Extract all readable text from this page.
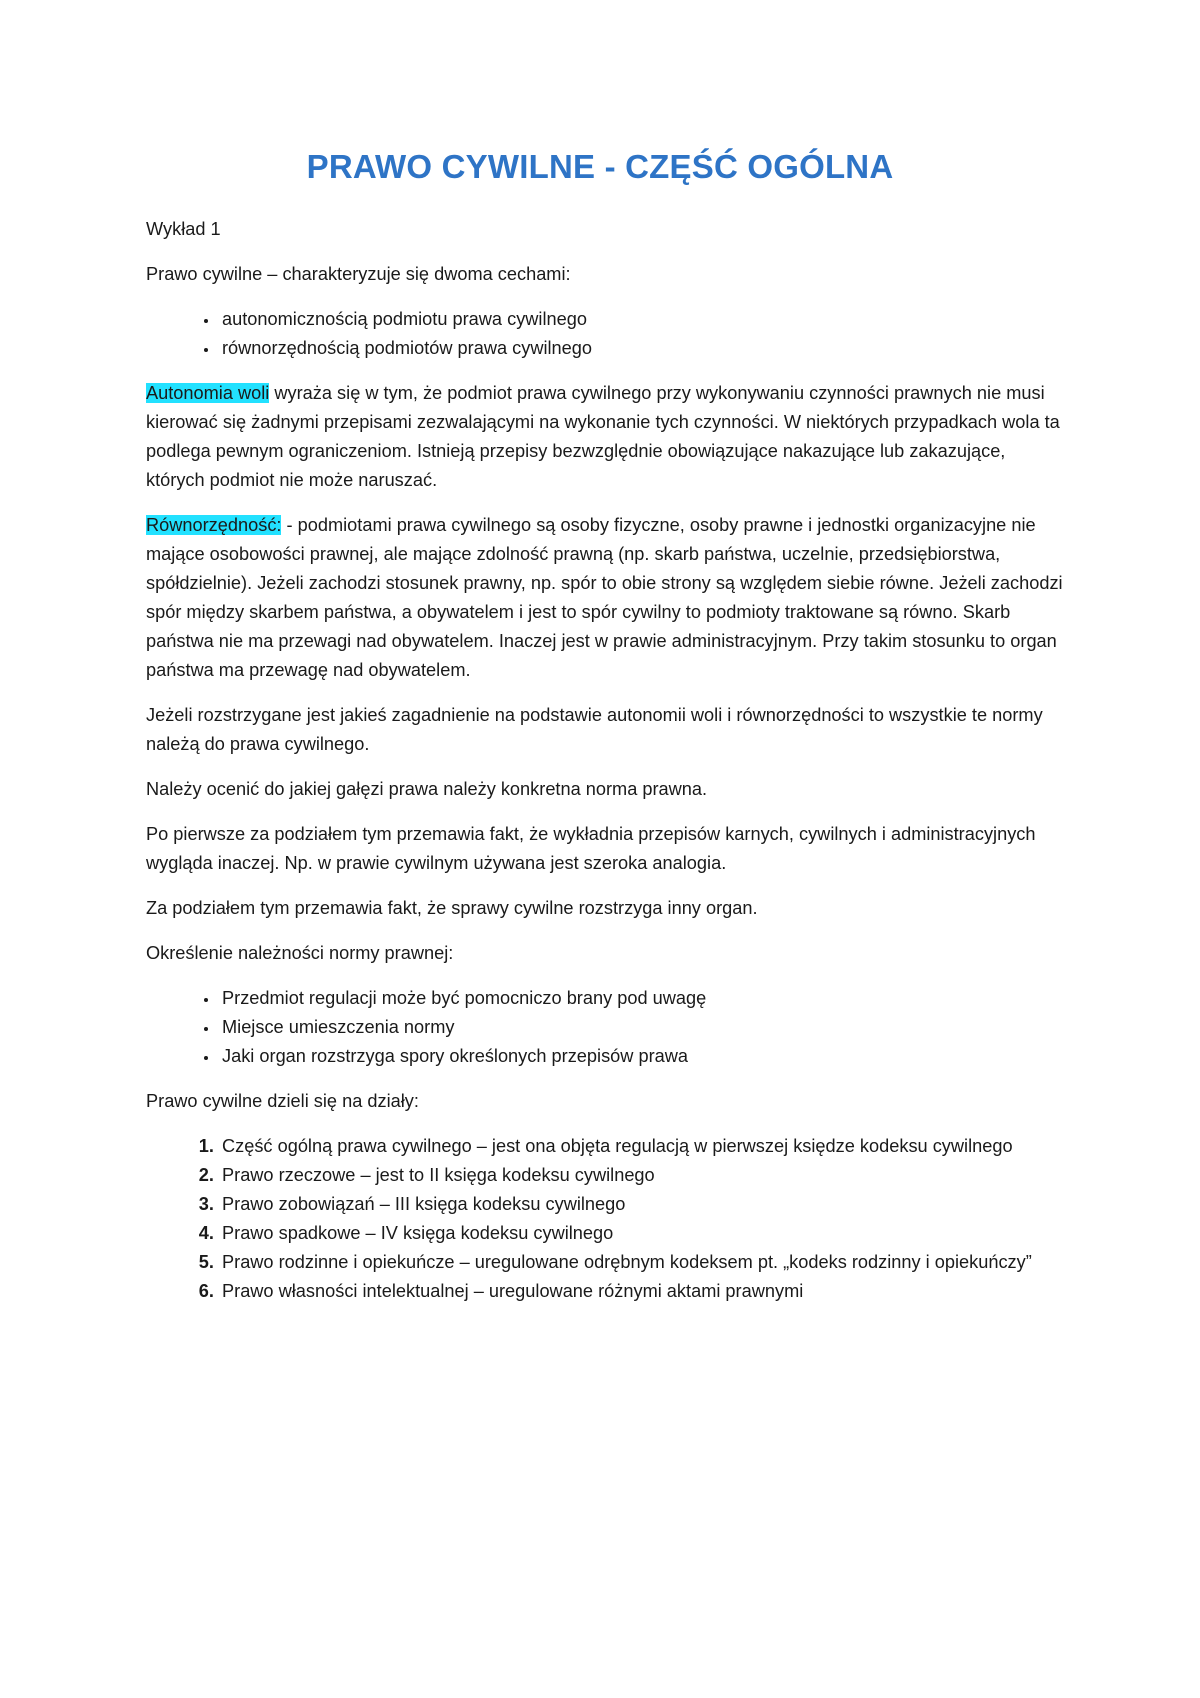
PRAWO CYWILNE - CZĘŚĆ OGÓLNA

Wykład 1

Prawo cywilne – charakteryzuje się dwoma cechami:

• autonomicznością podmiotu prawa cywilnego
• równorzędnością podmiotów prawa cywilnego

Autonomia woli wyraża się w tym, że podmiot prawa cywilnego przy wykonywaniu czynności prawnych nie musi kierować się żadnymi przepisami zezwalającymi na wykonanie tych czynności. W niektórych przypadkach wola ta podlega pewnym ograniczeniom. Istnieją przepisy bezwzględnie obowiązujące nakazujące lub zakazujące, których podmiot nie może naruszać.

Równorzędność: - podmiotami prawa cywilnego są osoby fizyczne, osoby prawne i jednostki organizacyjne nie mające osobowości prawnej, ale mające zdolność prawną (np. skarb państwa, uczelnie, przedsiębiorstwa, spółdzielnie). Jeżeli zachodzi stosunek prawny, np. spór to obie strony są względem siebie równe. Jeżeli zachodzi spór między skarbem państwa, a obywatelem i jest to spór cywilny to podmioty traktowane są równo. Skarb państwa nie ma przewagi nad obywatelem. Inaczej jest w prawie administracyjnym. Przy takim stosunku to organ państwa ma przewagę nad obywatelem.

Jeżeli rozstrzygane jest jakieś zagadnienie na podstawie autonomii woli i równorzędności to wszystkie te normy należą do prawa cywilnego.

Należy ocenić do jakiej gałęzi prawa należy konkretna norma prawna.

Po pierwsze za podziałem tym przemawia fakt, że wykładnia przepisów karnych, cywilnych i administracyjnych wygląda inaczej. Np. w prawie cywilnym używana jest szeroka analogia.

Za podziałem tym przemawia fakt, że sprawy cywilne rozstrzyga inny organ.

Określenie należności normy prawnej:

• Przedmiot regulacji może być pomocniczo brany pod uwagę
• Miejsce umieszczenia normy
• Jaki organ rozstrzyga spory określonych przepisów prawa

Prawo cywilne dzieli się na działy:

1. Część ogólną prawa cywilnego – jest ona objęta regulacją w pierwszej księdze kodeksu cywilnego
2. Prawo rzeczowe – jest to II księga kodeksu cywilnego
3. Prawo zobowiązań – III księga kodeksu cywilnego
4. Prawo spadkowe – IV księga kodeksu cywilnego
5. Prawo rodzinne i opiekuńcze – uregulowane odrębnym kodeksem pt. „kodeks rodzinny i opiekuńczy”
6. Prawo własności intelektualnej – uregulowane różnymi aktami prawnymi
